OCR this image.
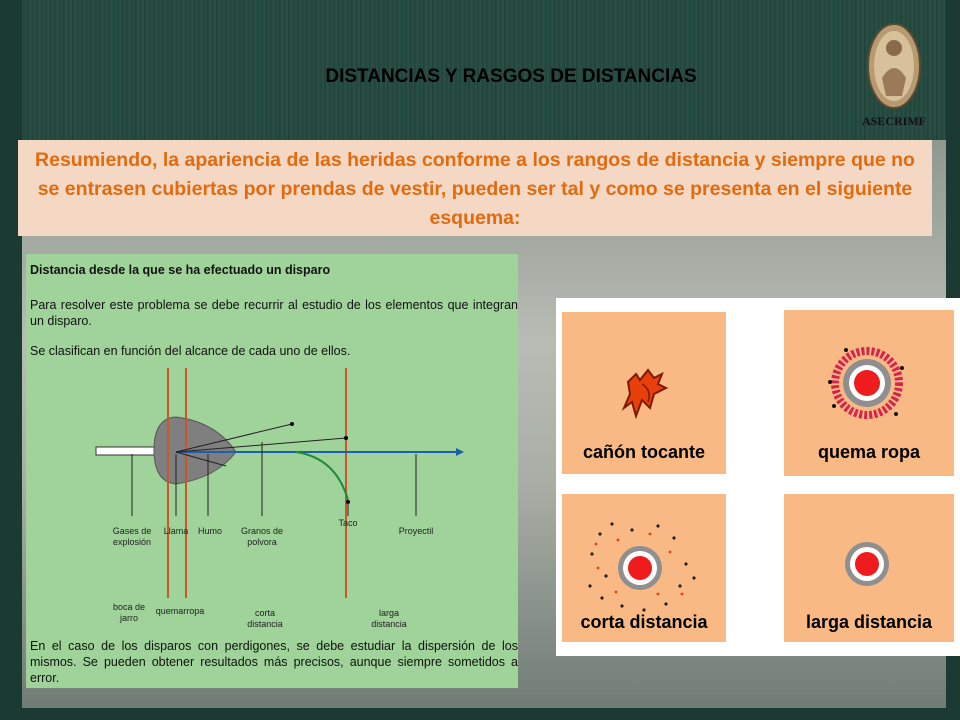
DISTANCIAS Y RASGOS DE DISTANCIAS
ASECRIMF
Resumiendo, la apariencia de las heridas conforme a los rangos de distancia y siempre que no se entrasen cubiertas por prendas de vestir, pueden ser tal y como se presenta en el siguiente esquema:
Distancia desde la que se ha efectuado un disparo
Para resolver este problema se debe recurrir al estudio de los elementos que integran un disparo.
Se clasifican en función del alcance de cada uno de ellos.
Gases de explosión
Llama	Humo	Granos de polvora
Taco
Proyectil
boca de jarro
quemarropa	corta distancia
larga distancia
En el caso de los disparos con perdigones, se debe estudiar la dispersión de los mismos. Se pueden obtener resultados más precisos, aunque siempre sometidos a error.
cañón tocante	quema ropa
corta distancia	larga distancia
